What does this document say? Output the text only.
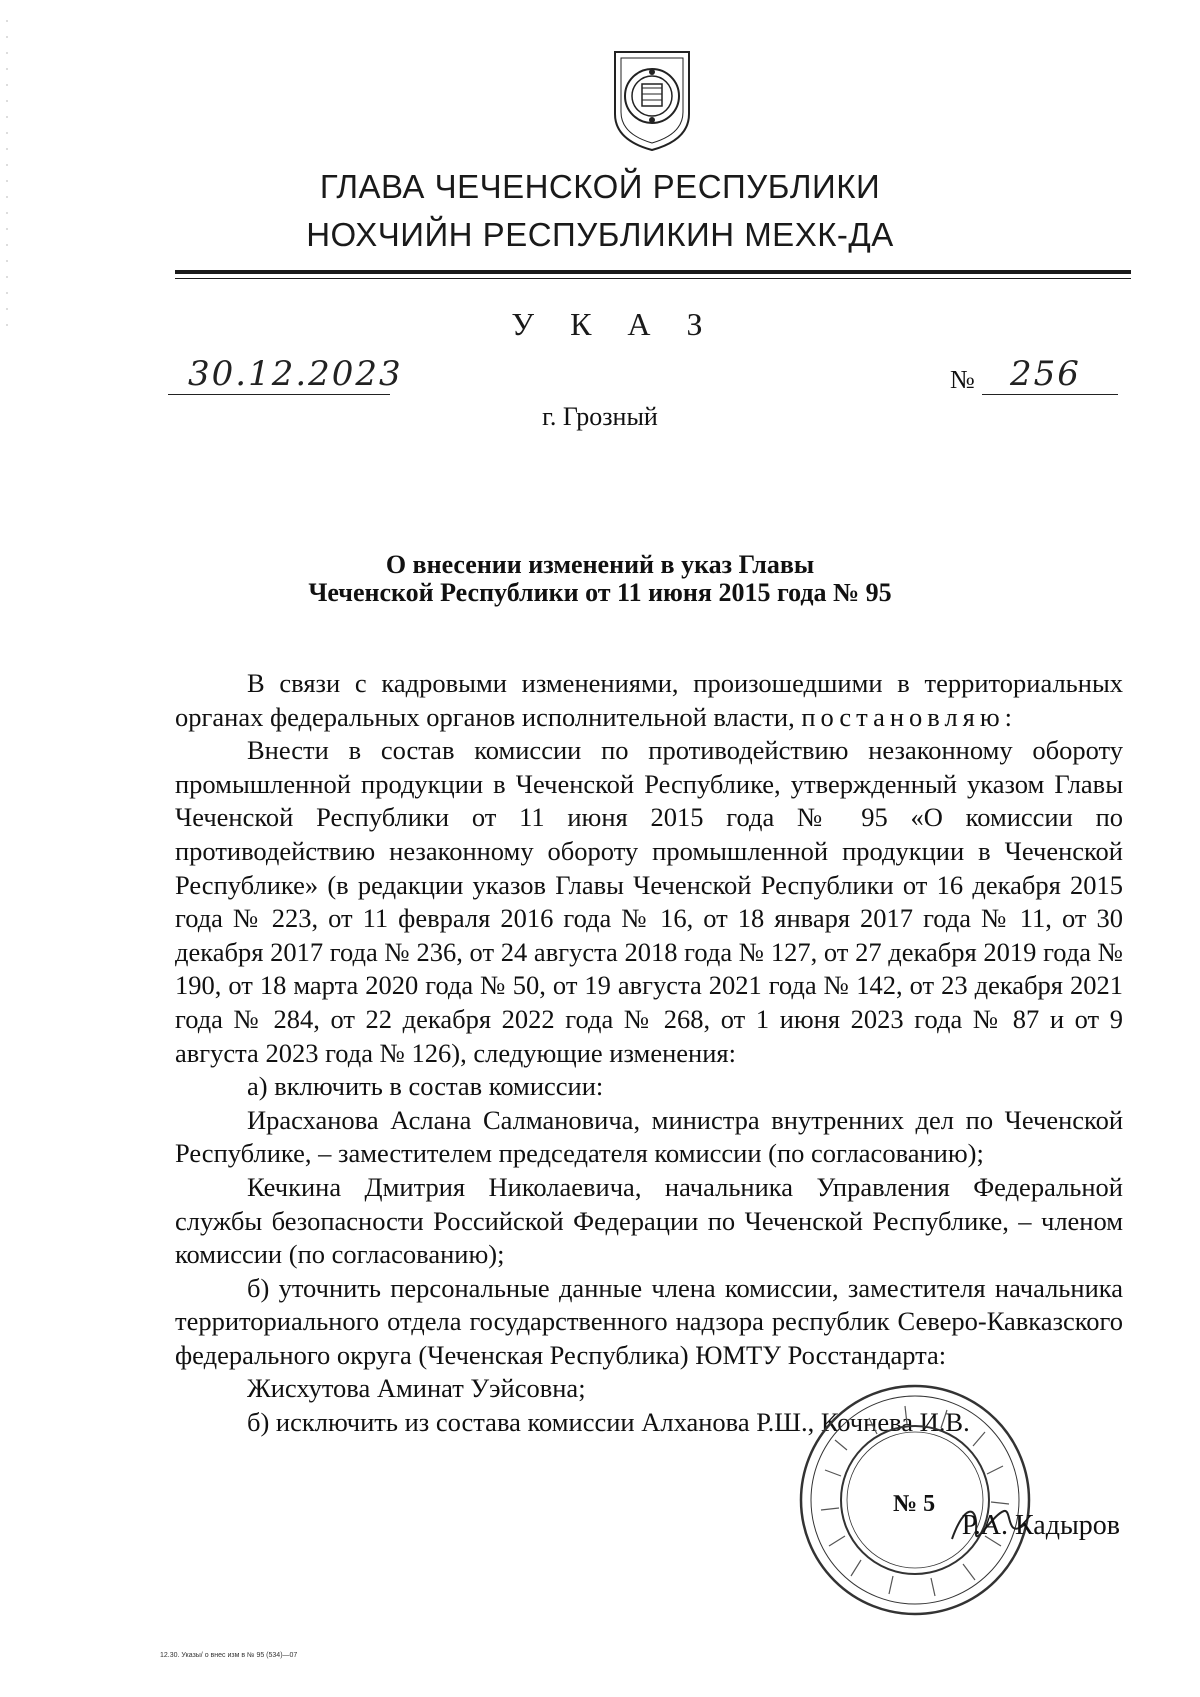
ГЛАВА ЧЕЧЕНСКОЙ РЕСПУБЛИКИ
НОХЧИЙН РЕСПУБЛИКИН МЕХК-ДА
У К А З
30.12.2023	№ 256
г. Грозный
О внесении изменений в указ Главы
Чеченской Республики от 11 июня 2015 года № 95

В связи с кадровыми изменениями, произошедшими в территориальных органах федеральных органов исполнительной власти, постановляю:

Внести в состав комиссии по противодействию незаконному обороту промышленной продукции в Чеченской Республике, утвержденный указом Главы Чеченской Республики от 11 июня 2015 года № 95 «О комиссии по противодействию незаконному обороту промышленной продукции в Чеченской Республике» (в редакции указов Главы Чеченской Республики от 16 декабря 2015 года № 223, от 11 февраля 2016 года № 16, от 18 января 2017 года № 11, от 30 декабря 2017 года № 236, от 24 августа 2018 года № 127, от 27 декабря 2019 года № 190, от 18 марта 2020 года № 50, от 19 августа 2021 года № 142, от 23 декабря 2021 года № 284, от 22 декабря 2022 года № 268, от 1 июня 2023 года № 87 и от 9 августа 2023 года № 126), следующие изменения:

а) включить в состав комиссии:

Ирасханова Аслана Салмановича, министра внутренних дел по Чеченской Республике, – заместителем председателя комиссии (по согласованию);

Кечкина Дмитрия Николаевича, начальника Управления Федеральной службы безопасности Российской Федерации по Чеченской Республике, – членом комиссии (по согласованию);

б) уточнить персональные данные члена комиссии, заместителя начальника территориального отдела государственного надзора республик Северо-Кавказского федерального округа (Чеченская Республика) ЮМТУ Росстандарта:

Жисхутова Аминат Уэйсовна;

б) исключить из состава комиссии Алханова Р.Ш., Кочнева И.В.

№ 5
Р.А. Кадыров
12.30. Указы/ о внес изм в № 95 (534)—07
